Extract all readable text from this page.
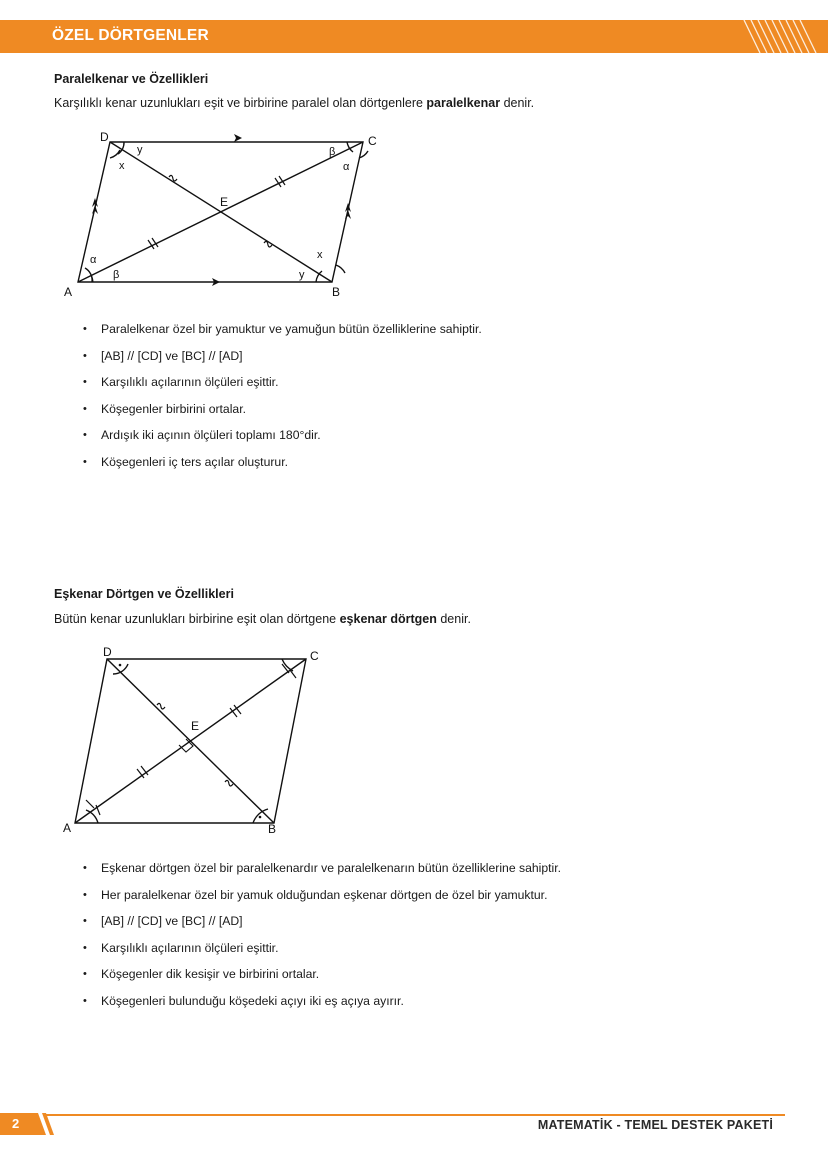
ÖZEL DÖRTGENLER
Paralelkenar ve Özellikleri
Karşılıklı kenar uzunlukları eşit ve birbirine paralel olan dörtgenlere paralelkenar denir.
A	B
C
D
E
α
β	y
x
β
α
y
x
• Paralelkenar özel bir yamuktur ve yamuğun bütün özelliklerine sahiptir.
• [AB] // [CD] ve [BC] // [AD]
• Karşılıklı açılarının ölçüleri eşittir.
• Köşegenler birbirini ortalar.
• Ardışık iki açının ölçüleri toplamı 180°dir.
• Köşegenleri iç ters açılar oluşturur.
Eşkenar Dörtgen ve Özellikleri
Bütün kenar uzunlukları birbirine eşit olan dörtgene eşkenar dörtgen denir.
A	B
C
D
E
• Eşkenar dörtgen özel bir paralelkenardır ve paralelkenarın bütün özelliklerine sahiptir.
• Her paralelkenar özel bir yamuk olduğundan eşkenar dörtgen de özel bir yamuktur.
• [AB] // [CD] ve [BC] // [AD]
• Karşılıklı açılarının ölçüleri eşittir.
• Köşegenler dik kesişir ve birbirini ortalar.
• Köşegenleri bulunduğu köşedeki açıyı iki eş açıya ayırır.
2	MATEMATİK - TEMEL DESTEK PAKETİ
